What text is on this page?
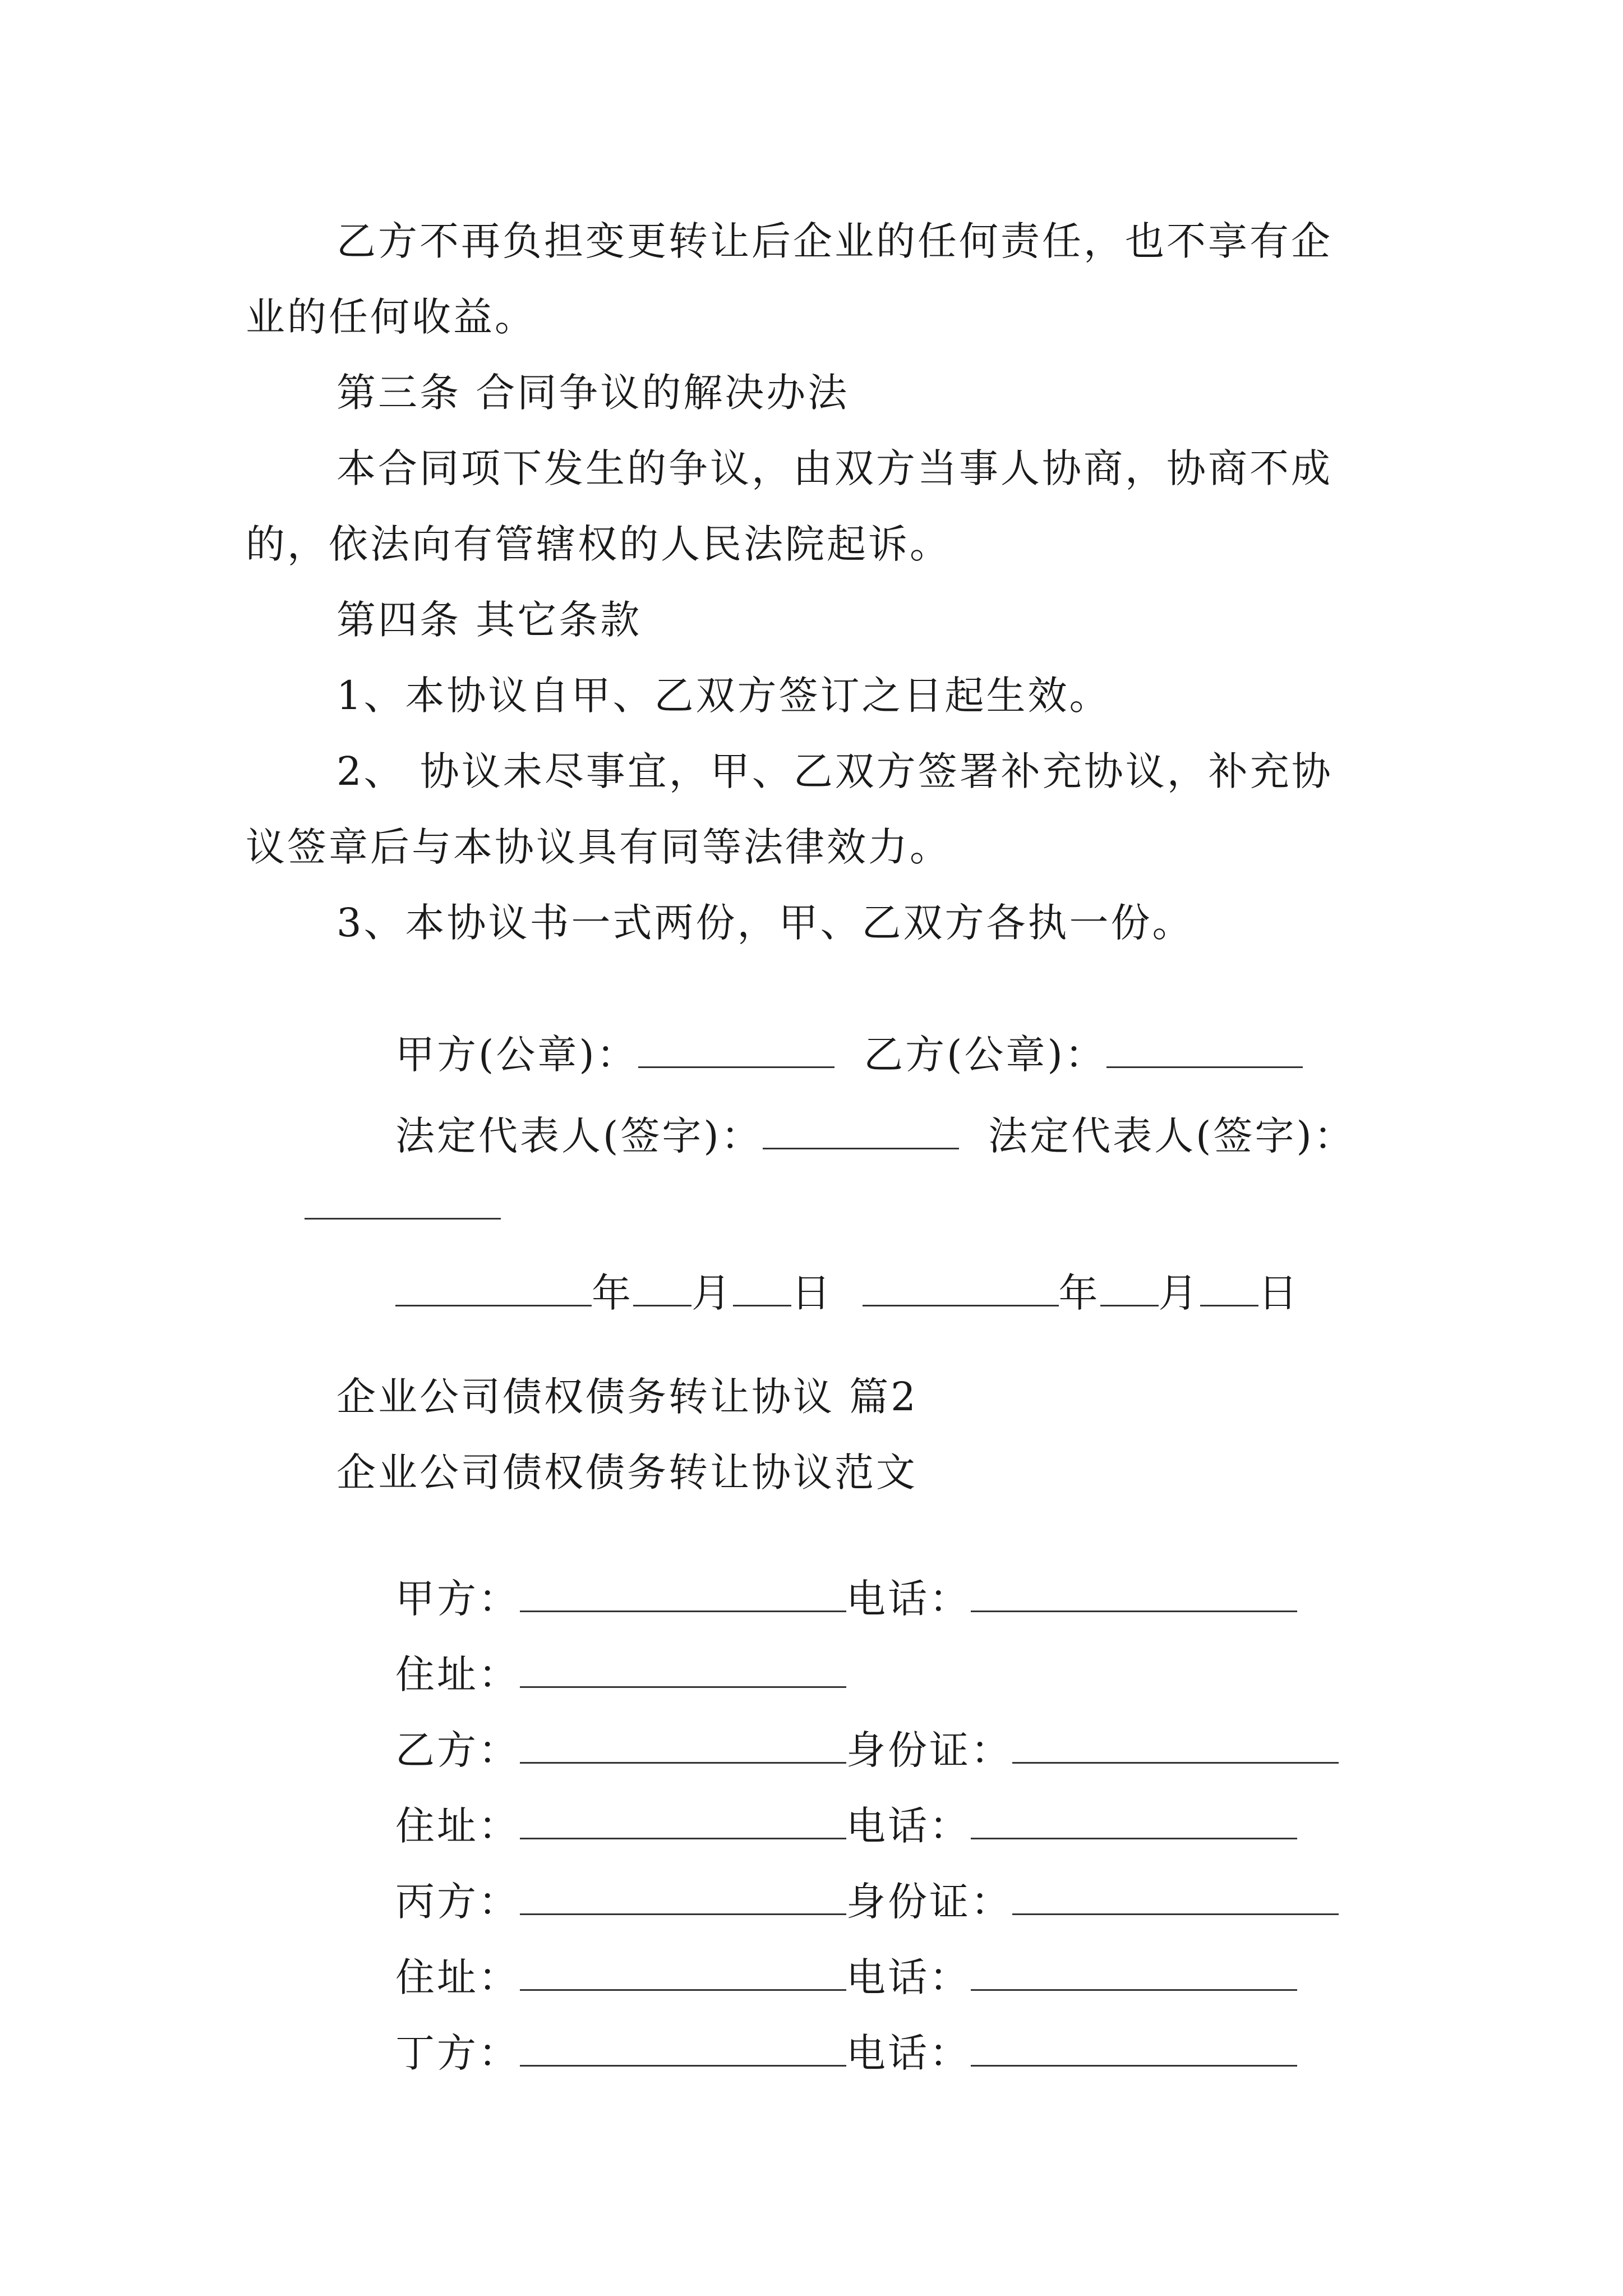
乙方不再负担变更转让后企业的任何责任，也不享有企
业的任何收益。
第三条 合同争议的解决办法
本合同项下发生的争议，由双方当事人协商，协商不成
的，依法向有管辖权的人民法院起诉。
第四条 其它条款
1、本协议自甲、乙双方签订之日起生效。
2、 协议未尽事宜，甲、乙双方签署补充协议，补充协
议签章后与本协议具有同等法律效力。
3、本协议书一式两份，甲、乙双方各执一份。

甲方(公章)：	乙方(公章)：

法定代表人(签字)：	法定代表人(签字)：

年 月 日	年 月 日

企业公司债权债务转让协议 篇2
企业公司债权债务转让协议范文

甲方：	电话：

住址：

乙方：	身份证：

住址：	电话：

丙方：	身份证：

住址：	电话：

丁方：	电话：
